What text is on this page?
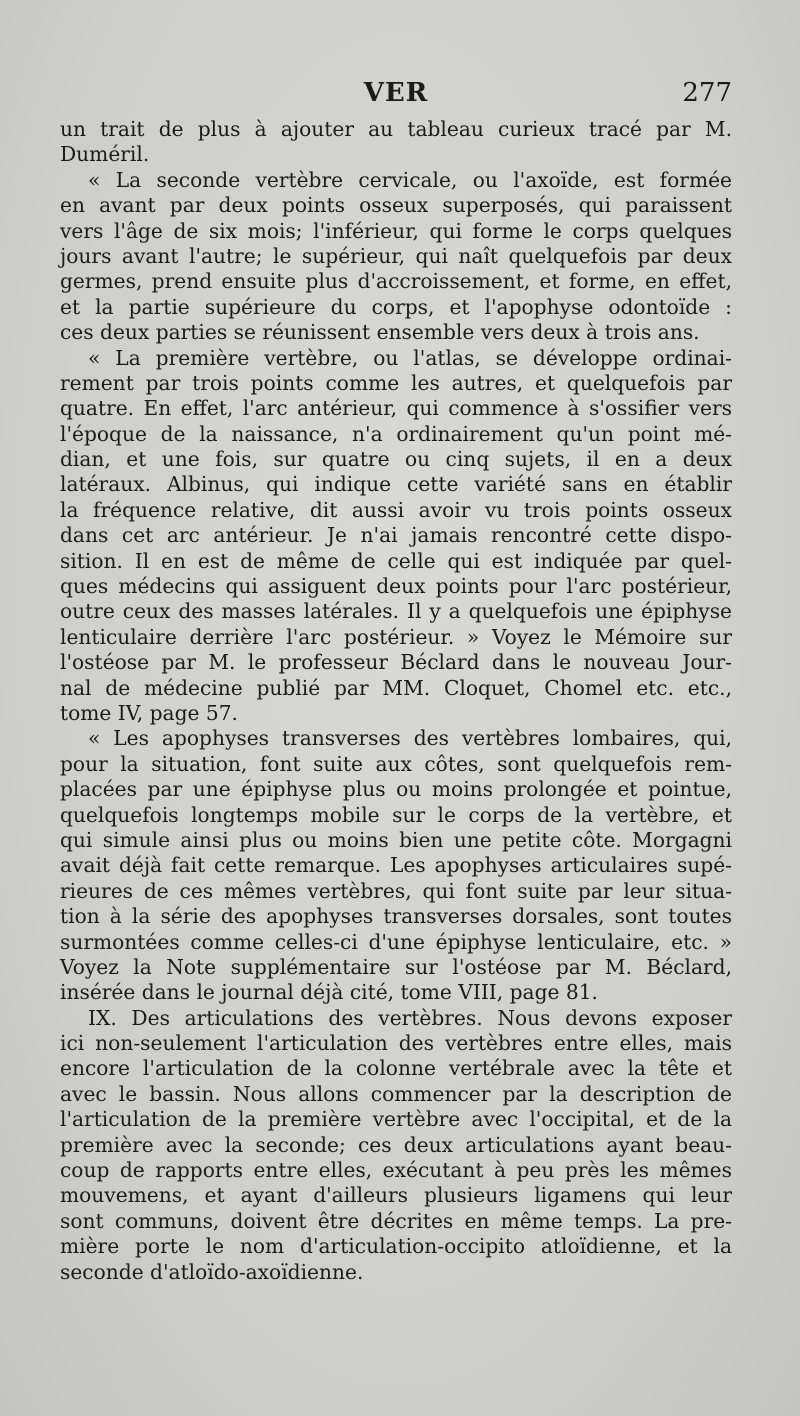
VER	277
un trait de plus à ajouter au tableau curieux tracé par M.
Duméril.
« La seconde vertèbre cervicale, ou l'axoïde, est formée
en avant par deux points osseux superposés, qui paraissent
vers l'âge de six mois; l'inférieur, qui forme le corps quelques
jours avant l'autre; le supérieur, qui naît quelquefois par deux
germes, prend ensuite plus d'accroissement, et forme, en effet,
et la partie supérieure du corps, et l'apophyse odontoïde :
ces deux parties se réunissent ensemble vers deux à trois ans.
« La première vertèbre, ou l'atlas, se développe ordinai-
rement par trois points comme les autres, et quelquefois par
quatre. En effet, l'arc antérieur, qui commence à s'ossifier vers
l'époque de la naissance, n'a ordinairement qu'un point mé-
dian, et une fois, sur quatre ou cinq sujets, il en a deux
latéraux. Albinus, qui indique cette variété sans en établir
la fréquence relative, dit aussi avoir vu trois points osseux
dans cet arc antérieur. Je n'ai jamais rencontré cette dispo-
sition. Il en est de même de celle qui est indiquée par quel-
ques médecins qui assiguent deux points pour l'arc postérieur,
outre ceux des masses latérales. Il y a quelquefois une épiphyse
lenticulaire derrière l'arc postérieur. » Voyez le Mémoire sur
l'ostéose par M. le professeur Béclard dans le nouveau Jour-
nal de médecine publié par MM. Cloquet, Chomel etc. etc.,
tome IV, page 57.
« Les apophyses transverses des vertèbres lombaires, qui,
pour la situation, font suite aux côtes, sont quelquefois rem-
placées par une épiphyse plus ou moins prolongée et pointue,
quelquefois longtemps mobile sur le corps de la vertèbre, et
qui simule ainsi plus ou moins bien une petite côte. Morgagni
avait déjà fait cette remarque. Les apophyses articulaires supé-
rieures de ces mêmes vertèbres, qui font suite par leur situa-
tion à la série des apophyses transverses dorsales, sont toutes
surmontées comme celles-ci d'une épiphyse lenticulaire, etc. »
Voyez la Note supplémentaire sur l'ostéose par M. Béclard,
insérée dans le journal déjà cité, tome VIII, page 81.
IX. Des articulations des vertèbres. Nous devons exposer
ici non-seulement l'articulation des vertèbres entre elles, mais
encore l'articulation de la colonne vertébrale avec la tête et
avec le bassin. Nous allons commencer par la description de
l'articulation de la première vertèbre avec l'occipital, et de la
première avec la seconde; ces deux articulations ayant beau-
coup de rapports entre elles, exécutant à peu près les mêmes
mouvemens, et ayant d'ailleurs plusieurs ligamens qui leur
sont communs, doivent être décrites en même temps. La pre-
mière porte le nom d'articulation-occipito atloïdienne, et la
seconde d'atloïdo-axoïdienne.
